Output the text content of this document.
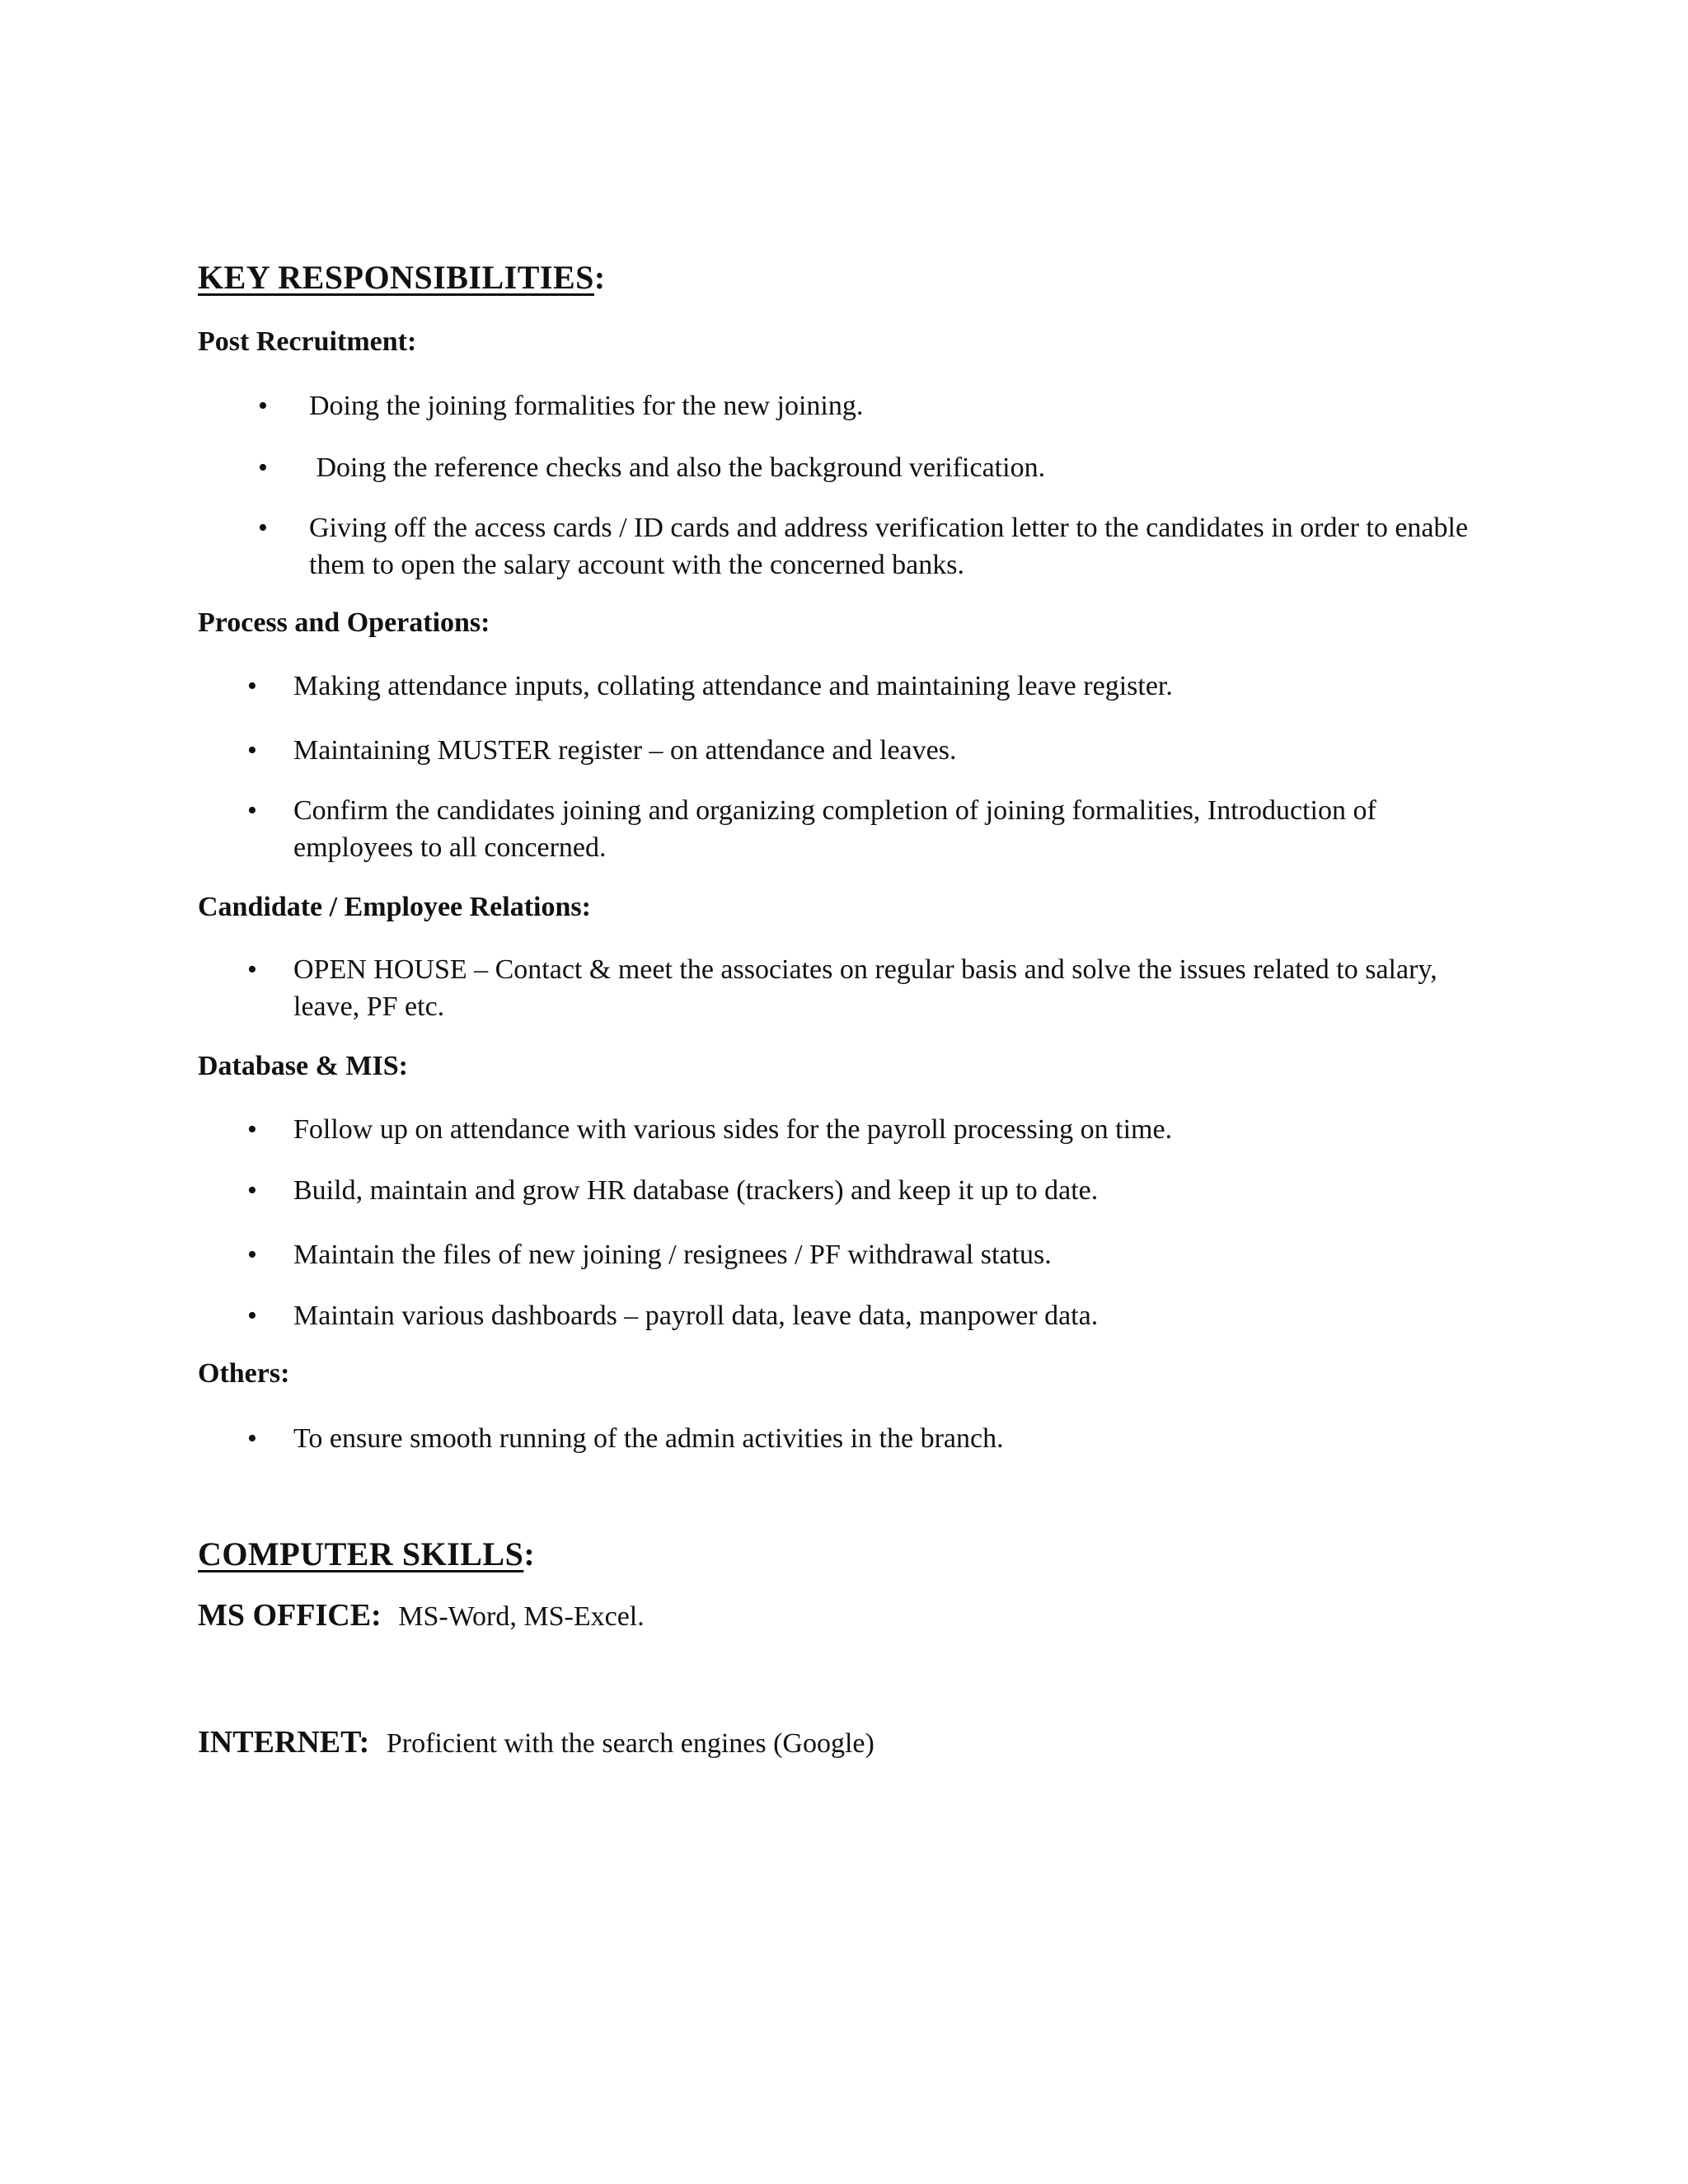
KEY RESPONSIBILITIES:
Post Recruitment:
• Doing the joining formalities for the new joining.
• Doing the reference checks and also the background verification.
• Giving off the access cards / ID cards and address verification letter to the candidates in order to enable them to open the salary account with the concerned banks.
Process and Operations:
• Making attendance inputs, collating attendance and maintaining leave register.
• Maintaining MUSTER register – on attendance and leaves.
• Confirm the candidates joining and organizing completion of joining formalities, Introduction of employees to all concerned.
Candidate / Employee Relations:
• OPEN HOUSE – Contact & meet the associates on regular basis and solve the issues related to salary, leave, PF etc.
Database & MIS:
• Follow up on attendance with various sides for the payroll processing on time.
• Build, maintain and grow HR database (trackers) and keep it up to date.
• Maintain the files of new joining / resignees / PF withdrawal status.
• Maintain various dashboards – payroll data, leave data, manpower data.
Others:
• To ensure smooth running of the admin activities in the branch.
COMPUTER SKILLS:
MS OFFICE: MS-Word, MS-Excel.
INTERNET: Proficient with the search engines (Google)
